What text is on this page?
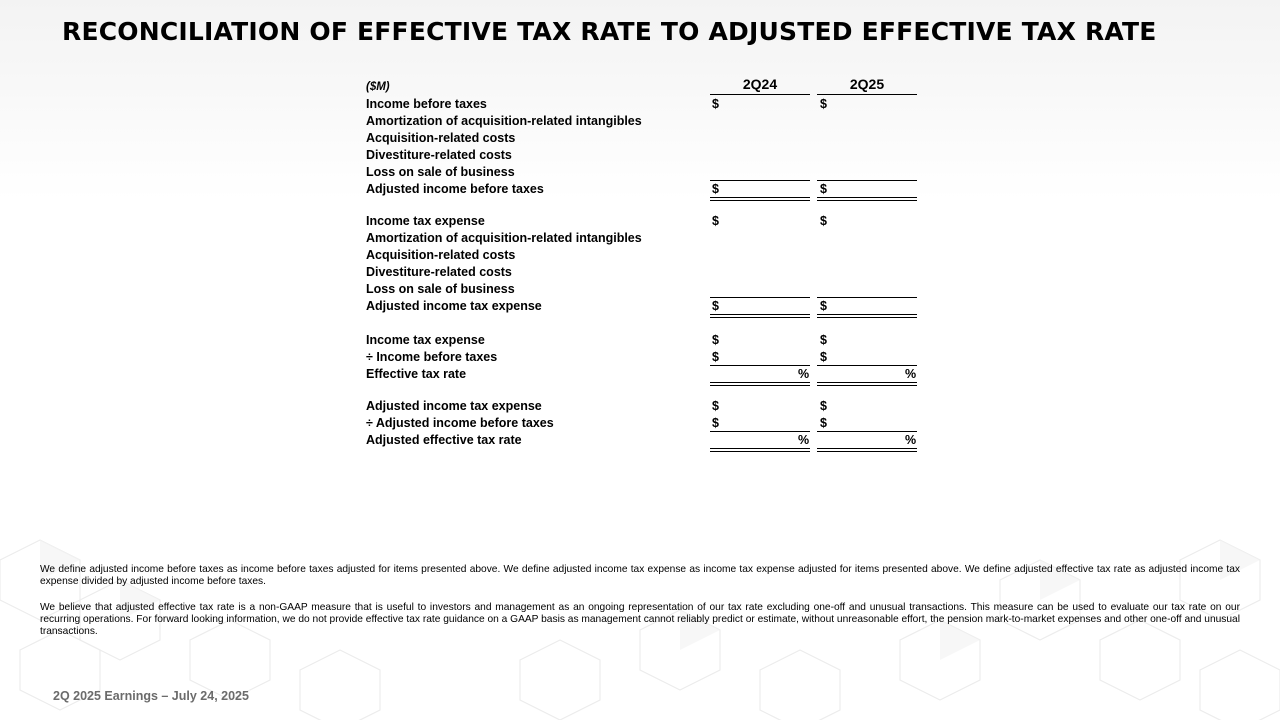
RECONCILIATION OF EFFECTIVE TAX RATE TO ADJUSTED EFFECTIVE TAX RATE
($M)	2Q24	2Q25
Income before taxes	$	$
Amortization of acquisition-related intangibles
Acquisition-related costs
Divestiture-related costs
Loss on sale of business
Adjusted income before taxes	$	$
Income tax expense	$	$
Amortization of acquisition-related intangibles
Acquisition-related costs
Divestiture-related costs
Loss on sale of business
Adjusted income tax expense	$	$
Income tax expense	$	$
÷ Income before taxes	$	$
Effective tax rate	%	%
Adjusted income tax expense	$	$
÷ Adjusted income before taxes	$	$
Adjusted effective tax rate	%	%
We define adjusted income before taxes as income before taxes adjusted for items presented above. We define adjusted income tax expense as income tax expense adjusted for items presented above. We define adjusted effective tax rate as adjusted income tax expense divided by adjusted income before taxes.
We believe that adjusted effective tax rate is a non-GAAP measure that is useful to investors and management as an ongoing representation of our tax rate excluding one-off and unusual transactions. This measure can be used to evaluate our tax rate on our recurring operations. For forward looking information, we do not provide effective tax rate guidance on a GAAP basis as management cannot reliably predict or estimate, without unreasonable effort, the pension mark-to-market expenses and other one-off and unusual transactions.
2Q 2025 Earnings – July 24, 2025
